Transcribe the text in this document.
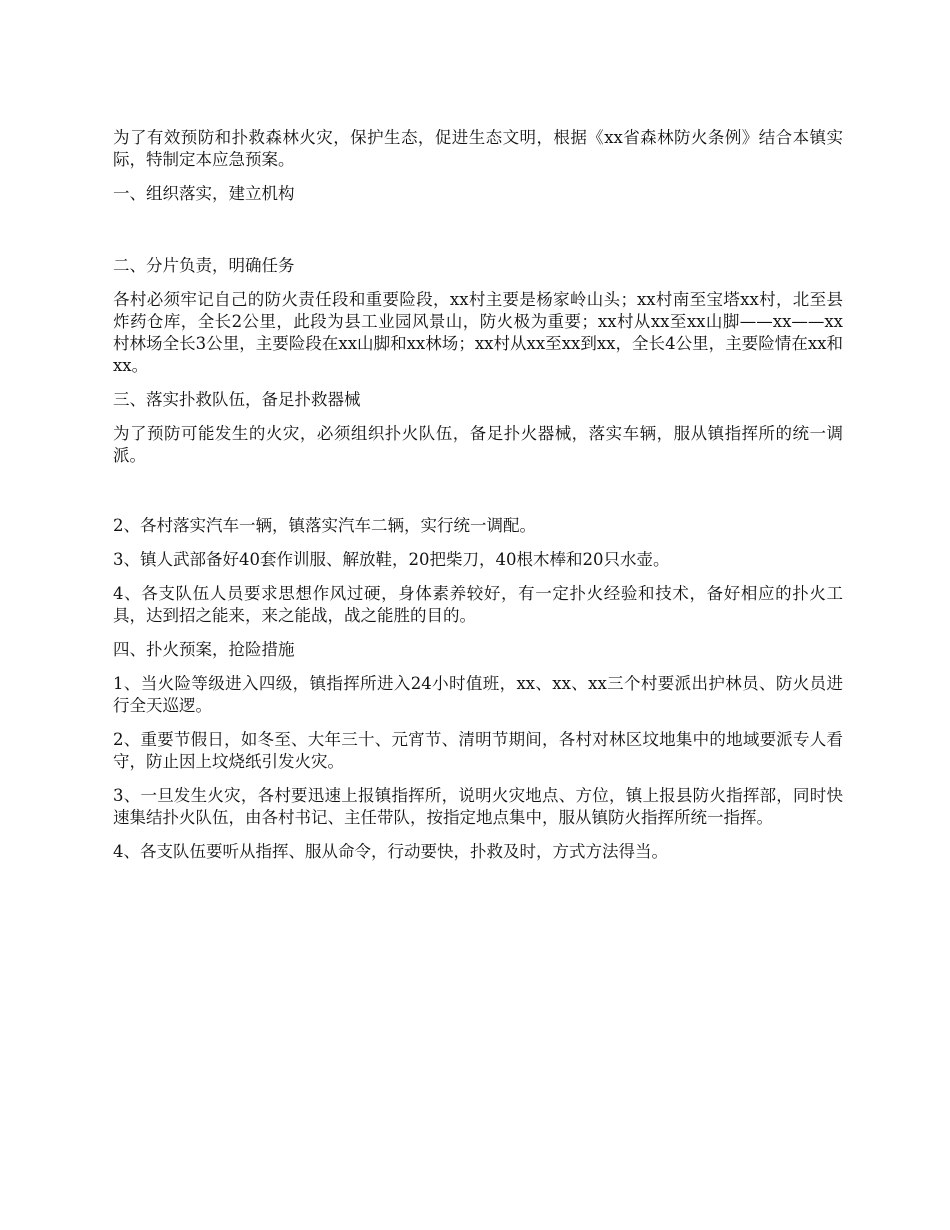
为了有效预防和扑救森林火灾，保护生态，促进生态文明，根据《xx省森林防火条例》结合本镇实际，特制定本应急预案。

一、组织落实，建立机构

二、分片负责，明确任务

各村必须牢记自己的防火责任段和重要险段，xx村主要是杨家岭山头；xx村南至宝塔xx村，北至县炸药仓库，全长2公里，此段为县工业园风景山，防火极为重要；xx村从xx至xx山脚——xx——xx村林场全长3公里，主要险段在xx山脚和xx林场；xx村从xx至xx到xx，全长4公里，主要险情在xx和xx。

三、落实扑救队伍，备足扑救器械

为了预防可能发生的火灾，必须组织扑火队伍，备足扑火器械，落实车辆，服从镇指挥所的统一调派。

2、各村落实汽车一辆，镇落实汽车二辆，实行统一调配。

3、镇人武部备好40套作训服、解放鞋，20把柴刀，40根木棒和20只水壶。

4、各支队伍人员要求思想作风过硬，身体素养较好，有一定扑火经验和技术，备好相应的扑火工具，达到招之能来，来之能战，战之能胜的目的。

四、扑火预案，抢险措施

1、当火险等级进入四级，镇指挥所进入24小时值班，xx、xx、xx三个村要派出护林员、防火员进行全天巡逻。

2、重要节假日，如冬至、大年三十、元宵节、清明节期间，各村对林区坟地集中的地域要派专人看守，防止因上坟烧纸引发火灾。

3、一旦发生火灾，各村要迅速上报镇指挥所，说明火灾地点、方位，镇上报县防火指挥部，同时快速集结扑火队伍，由各村书记、主任带队，按指定地点集中，服从镇防火指挥所统一指挥。

4、各支队伍要听从指挥、服从命令，行动要快，扑救及时，方式方法得当。
